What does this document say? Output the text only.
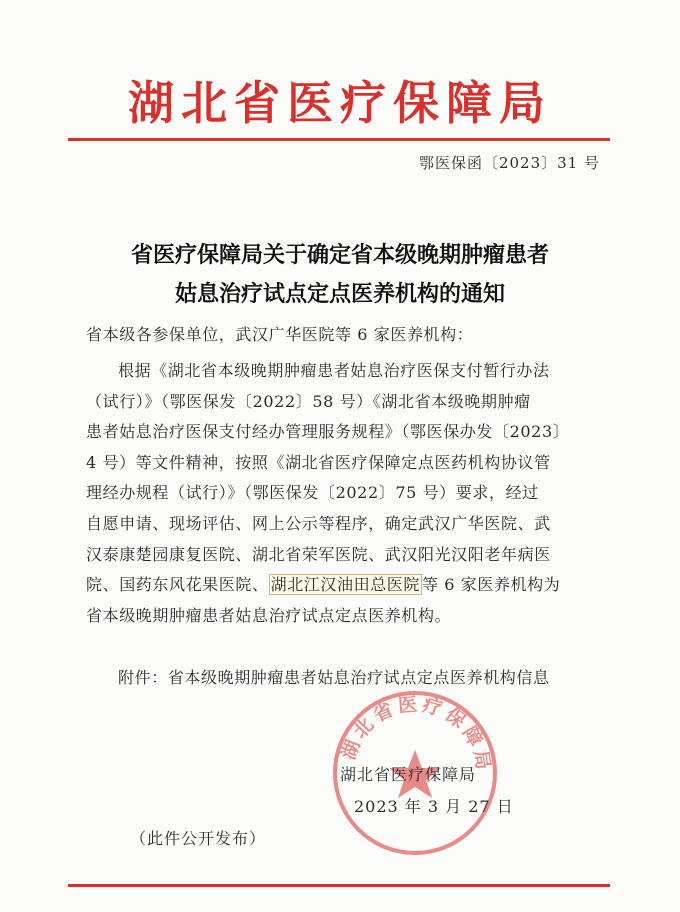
湖北省医疗保障局
鄂医保函〔2023〕31 号
省医疗保障局关于确定省本级晚期肿瘤患者
姑息治疗试点定点医养机构的通知
省本级各参保单位，武汉广华医院等 6 家医养机构：
根据《湖北省本级晚期肿瘤患者姑息治疗医保支付暂行办法
（试行）》（鄂医保发〔2022〕58 号）《湖北省本级晚期肿瘤
患者姑息治疗医保支付经办管理服务规程》（鄂医保办发〔2023〕
4 号）等文件精神，按照《湖北省医疗保障定点医药机构协议管
理经办规程（试行）》（鄂医保发〔2022〕75 号）要求，经过
自愿申请、现场评估、网上公示等程序，确定武汉广华医院、武
汉泰康楚园康复医院、湖北省荣军医院、武汉阳光汉阳老年病医
院、国药东风花果医院、 湖北江汉油田总医院 等 6 家医养机构为
省本级晚期肿瘤患者姑息治疗试点定点医养机构。
附件：省本级晚期肿瘤患者姑息治疗试点定点医养机构信息
湖北省医疗保障局
湖北省医疗保障局
2023 年 3 月 27 日
（此件公开发布）
